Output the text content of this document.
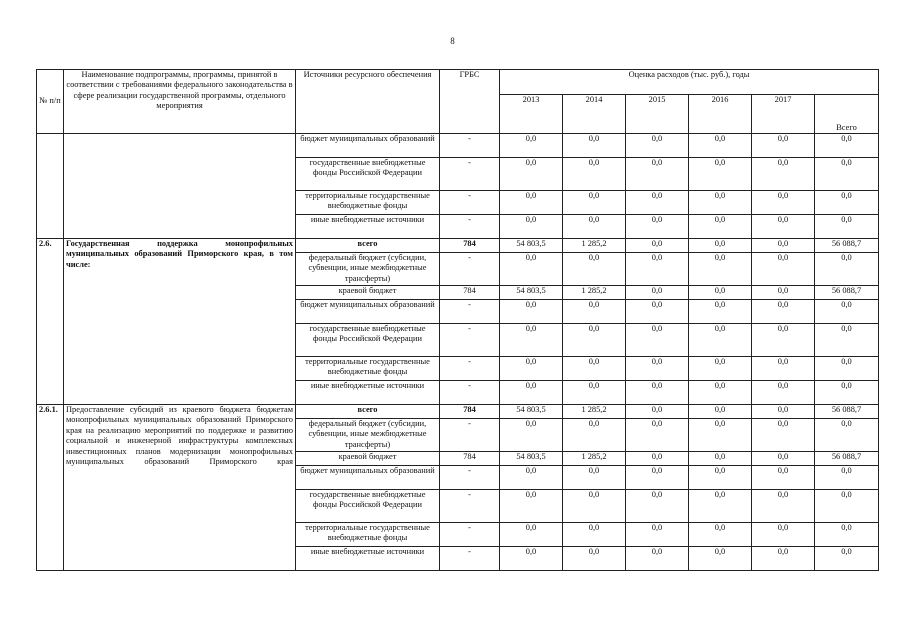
8
№ п/п	Наименование подпрограммы, программы, принятой в соответствии с требованиями федерального законодательства в сфере реализации государственной программы, отдельного мероприятия	Источники ресурсного обеспечения	ГРБС	Оценка расходов (тыс. руб.), годы					
				2013	2014	2015	2016	2017	Всего

		бюджет муниципальных образований	-	0,0	0,0	0,0	0,0	0,0	0,0
		государственные внебюджетные фонды Российской Федерации	-	0,0	0,0	0,0	0,0	0,0	0,0
		территориальные государственные внебюджетные фонды	-	0,0	0,0	0,0	0,0	0,0	0,0
		иные внебюджетные источники	-	0,0	0,0	0,0	0,0	0,0	0,0
2.6.	Государственная поддержка монопрофильных муниципальных образований Приморского края, в том числе:	всего	784	54 803,5	1 285,2	0,0	0,0	0,0	56 088,7
		федеральный бюджет (субсидии, субвенции, иные межбюджетные трансферты)	-	0,0	0,0	0,0	0,0	0,0	0,0
		краевой бюджет	784	54 803,5	1 285,2	0,0	0,0	0,0	56 088,7
		бюджет муниципальных образований	-	0,0	0,0	0,0	0,0	0,0	0,0
		государственные внебюджетные фонды Российской Федерации	-	0,0	0,0	0,0	0,0	0,0	0,0
		территориальные государственные внебюджетные фонды	-	0,0	0,0	0,0	0,0	0,0	0,0
		иные внебюджетные источники	-	0,0	0,0	0,0	0,0	0,0	0,0
2.6.1.	Предоставление субсидий из краевого бюджета бюджетам монопрофильных муниципальных образований Приморского края на реализацию мероприятий по поддержке и развитию социальной и инженерной инфраструктуры комплексных инвестиционных планов модернизации монопрофильных муниципальных образований Приморского края	всего	784	54 803,5	1 285,2	0,0	0,0	0,0	56 088,7
		федеральный бюджет (субсидии, субвенции, иные межбюджетные трансферты)	-	0,0	0,0	0,0	0,0	0,0	0,0
		краевой бюджет	784	54 803,5	1 285,2	0,0	0,0	0,0	56 088,7
		бюджет муниципальных образований	-	0,0	0,0	0,0	0,0	0,0	0,0
		государственные внебюджетные фонды Российской Федерации	-	0,0	0,0	0,0	0,0	0,0	0,0
		территориальные государственные внебюджетные фонды	-	0,0	0,0	0,0	0,0	0,0	0,0
		иные внебюджетные источники	-	0,0	0,0	0,0	0,0	0,0	0,0
